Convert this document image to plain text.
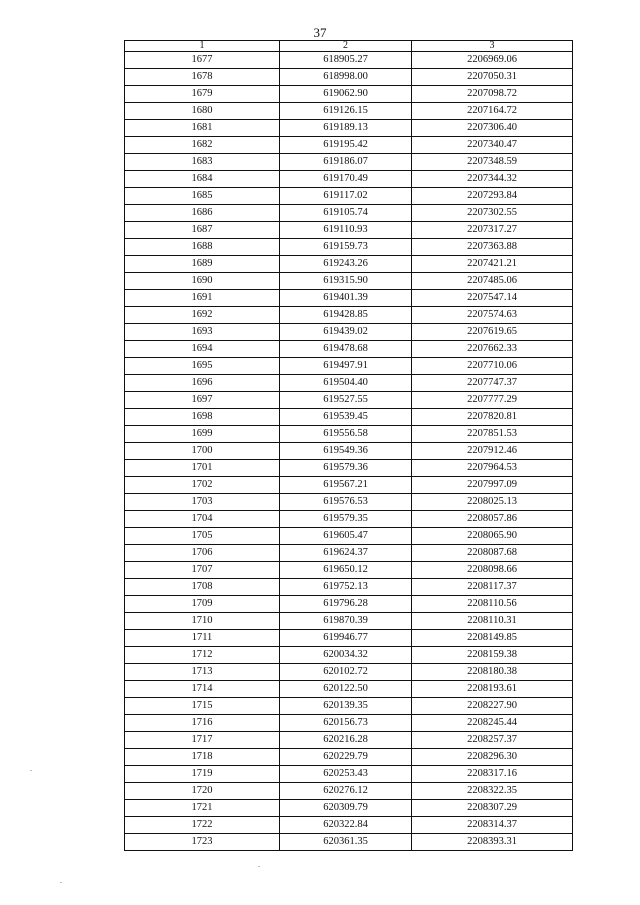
37
1	2	3
1677	618905.27	2206969.06
1678	618998.00	2207050.31
1679	619062.90	2207098.72
1680	619126.15	2207164.72
1681	619189.13	2207306.40
1682	619195.42	2207340.47
1683	619186.07	2207348.59
1684	619170.49	2207344.32
1685	619117.02	2207293.84
1686	619105.74	2207302.55
1687	619110.93	2207317.27
1688	619159.73	2207363.88
1689	619243.26	2207421.21
1690	619315.90	2207485.06
1691	619401.39	2207547.14
1692	619428.85	2207574.63
1693	619439.02	2207619.65
1694	619478.68	2207662.33
1695	619497.91	2207710.06
1696	619504.40	2207747.37
1697	619527.55	2207777.29
1698	619539.45	2207820.81
1699	619556.58	2207851.53
1700	619549.36	2207912.46
1701	619579.36	2207964.53
1702	619567.21	2207997.09
1703	619576.53	2208025.13
1704	619579.35	2208057.86
1705	619605.47	2208065.90
1706	619624.37	2208087.68
1707	619650.12	2208098.66
1708	619752.13	2208117.37
1709	619796.28	2208110.56
1710	619870.39	2208110.31
1711	619946.77	2208149.85
1712	620034.32	2208159.38
1713	620102.72	2208180.38
1714	620122.50	2208193.61
1715	620139.35	2208227.90
1716	620156.73	2208245.44
1717	620216.28	2208257.37
1718	620229.79	2208296.30
1719	620253.43	2208317.16
1720	620276.12	2208322.35
1721	620309.79	2208307.29
1722	620322.84	2208314.37
1723	620361.35	2208393.31
